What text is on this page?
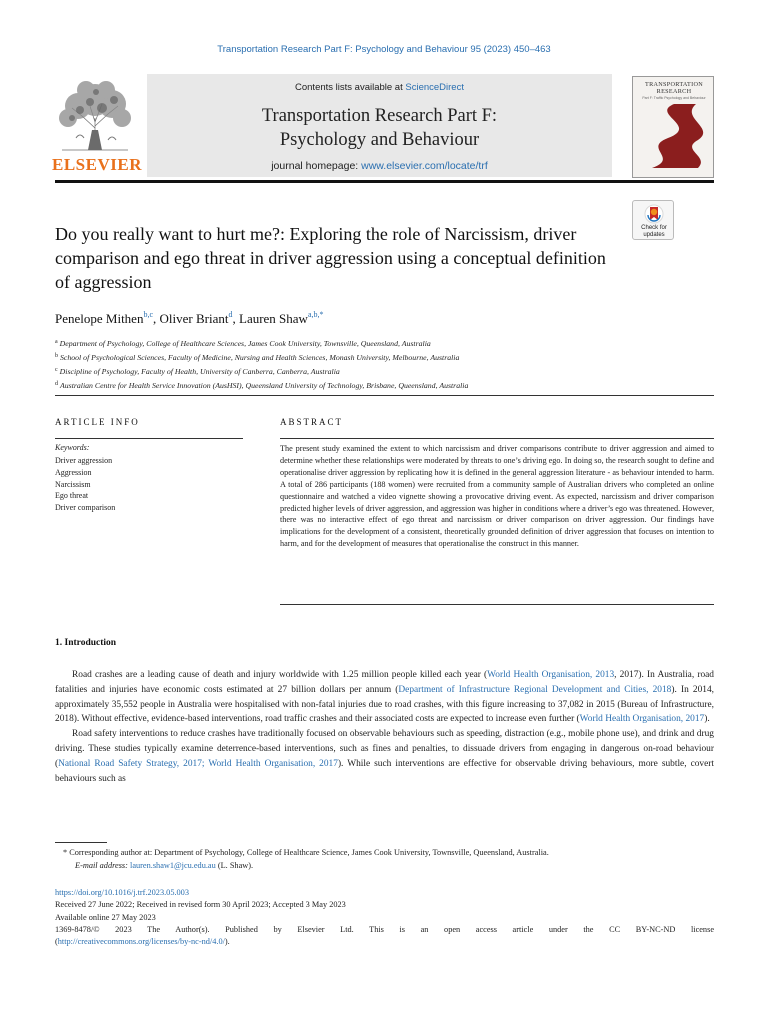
Transportation Research Part F: Psychology and Behaviour 95 (2023) 450–463
Contents lists available at ScienceDirect
Transportation Research Part F:
Psychology and Behaviour
journal homepage: www.elsevier.com/locate/trf
ELSEVIER
TRANSPORTATION RESEARCH
Part F: Traffic Psychology and Behaviour
Do you really want to hurt me?: Exploring the role of Narcissism, driver comparison and ego threat in driver aggression using a conceptual definition of aggression
Check for
updates
Penelope Mithen$^{b,c}$, Oliver Briant$^d$, Lauren Shaw$^{a,b,*}$
$^a$ Department of Psychology, College of Healthcare Sciences, James Cook University, Townsville, Queensland, Australia
$^b$ School of Psychological Sciences, Faculty of Medicine, Nursing and Health Sciences, Monash University, Melbourne, Australia
$^c$ Discipline of Psychology, Faculty of Health, University of Canberra, Canberra, Australia
$^d$ Australian Centre for Health Service Innovation (AusHSI), Queensland University of Technology, Brisbane, Queensland, Australia
ARTICLE INFO
Keywords:
Driver aggression
Aggression
Narcissism
Ego threat
Driver comparison
ABSTRACT
The present study examined the extent to which narcissism and driver comparisons contribute to driver aggression and aimed to determine whether these relationships were moderated by threats to one’s driving ego. In doing so, the research sought to define and operationalise driver aggression by replicating how it is defined in the general aggression literature - as behaviour intended to harm. A total of 286 participants (188 women) were recruited from a community sample of Australian drivers who completed an online questionnaire and watched a video vignette showing a provocative driving event. As expected, narcissism and driver comparison predicted higher levels of driver aggression, and aggression was higher in conditions where a driver’s ego was threatened. However, there was no interactive effect of ego threat and narcissism or driver comparison on driver aggression. Our findings have implications for the development of a consistent, theoretically grounded definition of driver aggression that focuses on intention to harm, and for the development of measures that operationalise the construct in this manner.
1. Introduction

Road crashes are a leading cause of death and injury worldwide with 1.25 million people killed each year (World Health Organisation, 2013, 2017). In Australia, road fatalities and injuries have economic costs estimated at 27 billion dollars per annum (Department of Infrastructure Regional Development and Cities, 2018). In 2014, approximately 35,552 people in Australia were hospitalised with non-fatal injuries due to road crashes, with this figure increasing to 37,082 in 2015 (Bureau of Infrastructure, 2018). Without effective, evidence-based interventions, road traffic crashes and their associated costs are expected to increase even further (World Health Organisation, 2017).

Road safety interventions to reduce crashes have traditionally focused on observable behaviours such as speeding, distraction (e.g., mobile phone use), and drink and drug driving. These studies typically examine deterrence-based interventions, such as fines and penalties, to dissuade drivers from engaging in dangerous on-road behaviour (National Road Safety Strategy, 2017; World Health Organisation, 2017). While such interventions are effective for observable driving behaviours, more subtle, covert behaviours such as

* Corresponding author at: Department of Psychology, College of Healthcare Science, James Cook University, Townsville, Queensland, Australia.
E-mail address: lauren.shaw1@jcu.edu.au (L. Shaw).
https://doi.org/10.1016/j.trf.2023.05.003
Received 27 June 2022; Received in revised form 30 April 2023; Accepted 3 May 2023
Available online 27 May 2023
1369-8478/© 2023 The Author(s). Published by Elsevier Ltd. This is an open access article under the CC BY-NC-ND license
(http://creativecommons.org/licenses/by-nc-nd/4.0/).
